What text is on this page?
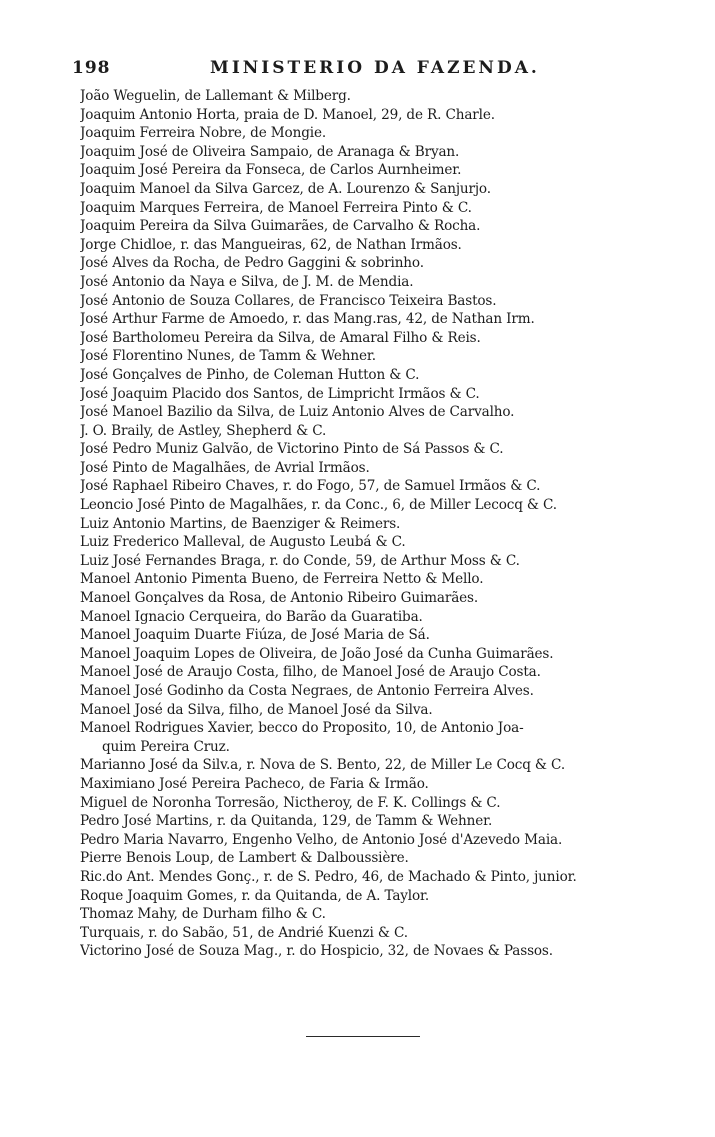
198	MINISTERIO DA FAZENDA.
João Weguelin, de Lallemant & Milberg.
Joaquim Antonio Horta, praia de D. Manoel, 29, de R. Charle.
Joaquim Ferreira Nobre, de Mongie.
Joaquim José de Oliveira Sampaio, de Aranaga & Bryan.
Joaquim José Pereira da Fonseca, de Carlos Aurnheimer.
Joaquim Manoel da Silva Garcez, de A. Lourenzo & Sanjurjo.
Joaquim Marques Ferreira, de Manoel Ferreira Pinto & C.
Joaquim Pereira da Silva Guimarães, de Carvalho & Rocha.
Jorge Chidloe, r. das Mangueiras, 62, de Nathan Irmãos.
José Alves da Rocha, de Pedro Gaggini & sobrinho.
José Antonio da Naya e Silva, de J. M. de Mendia.
José Antonio de Souza Collares, de Francisco Teixeira Bastos.
José Arthur Farme de Amoedo, r. das Mang.ras, 42, de Nathan Irm.
José Bartholomeu Pereira da Silva, de Amaral Filho & Reis.
José Florentino Nunes, de Tamm & Wehner.
José Gonçalves de Pinho, de Coleman Hutton & C.
José Joaquim Placido dos Santos, de Limpricht Irmãos & C.
José Manoel Bazilio da Silva, de Luiz Antonio Alves de Carvalho.
J. O. Braily, de Astley, Shepherd & C.
José Pedro Muniz Galvão, de Victorino Pinto de Sá Passos & C.
José Pinto de Magalhães, de Avrial Irmãos.
José Raphael Ribeiro Chaves, r. do Fogo, 57, de Samuel Irmãos & C.
Leoncio José Pinto de Magalhães, r. da Conc., 6, de Miller Lecocq & C.
Luiz Antonio Martins, de Baenziger & Reimers.
Luiz Frederico Malleval, de Augusto Leubá & C.
Luiz José Fernandes Braga, r. do Conde, 59, de Arthur Moss & C.
Manoel Antonio Pimenta Bueno, de Ferreira Netto & Mello.
Manoel Gonçalves da Rosa, de Antonio Ribeiro Guimarães.
Manoel Ignacio Cerqueira, do Barão da Guaratiba.
Manoel Joaquim Duarte Fiúza, de José Maria de Sá.
Manoel Joaquim Lopes de Oliveira, de João José da Cunha Guimarães.
Manoel José de Araujo Costa, filho, de Manoel José de Araujo Costa.
Manoel José Godinho da Costa Negraes, de Antonio Ferreira Alves.
Manoel José da Silva, filho, de Manoel José da Silva.
Manoel Rodrigues Xavier, becco do Proposito, 10, de Antonio Joa-
quim Pereira Cruz.
Marianno José da Silv.a, r. Nova de S. Bento, 22, de Miller Le Cocq & C.
Maximiano José Pereira Pacheco, de Faria & Irmão.
Miguel de Noronha Torresão, Nictheroy, de F. K. Collings & C.
Pedro José Martins, r. da Quitanda, 129, de Tamm & Wehner.
Pedro Maria Navarro, Engenho Velho, de Antonio José d'Azevedo Maia.
Pierre Benois Loup, de Lambert & Dalboussière.
Ric.do Ant. Mendes Gonç., r. de S. Pedro, 46, de Machado & Pinto, junior.
Roque Joaquim Gomes, r. da Quitanda, de A. Taylor.
Thomaz Mahy, de Durham filho & C.
Turquais, r. do Sabão, 51, de Andrié Kuenzi & C.
Victorino José de Souza Mag., r. do Hospicio, 32, de Novaes & Passos.
